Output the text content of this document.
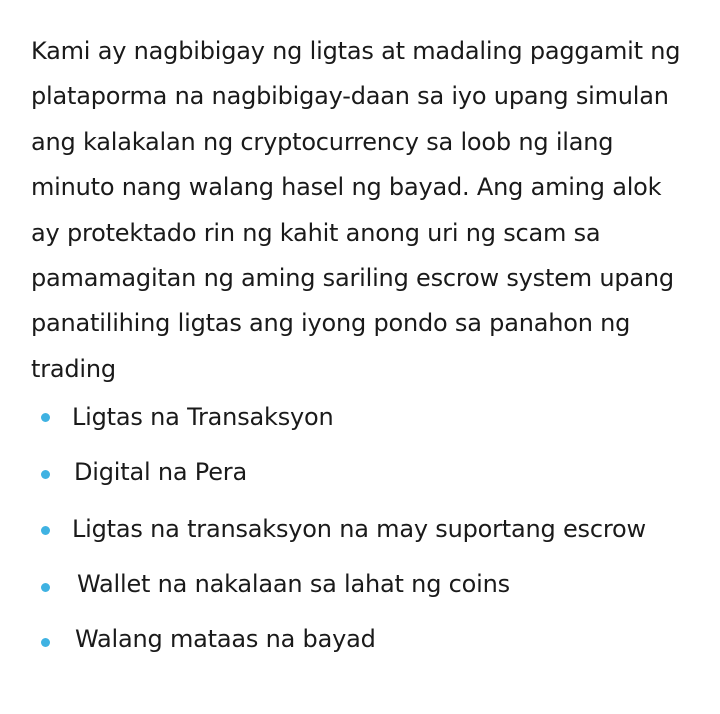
Kami ay nagbibigay ng ligtas at madaling paggamit ng plataporma na nagbibigay-daan sa iyo upang simulan ang kalakalan ng cryptocurrency sa loob ng ilang minuto nang walang hasel ng bayad. Ang aming alok ay protektado rin ng kahit anong uri ng scam sa pamamagitan ng aming sariling escrow system upang panatilihing ligtas ang iyong pondo sa panahon ng trading

Ligtas na Transaksyon
Digital na Pera
Ligtas na transaksyon na may suportang escrow
Wallet na nakalaan sa lahat ng coins
Walang mataas na bayad
